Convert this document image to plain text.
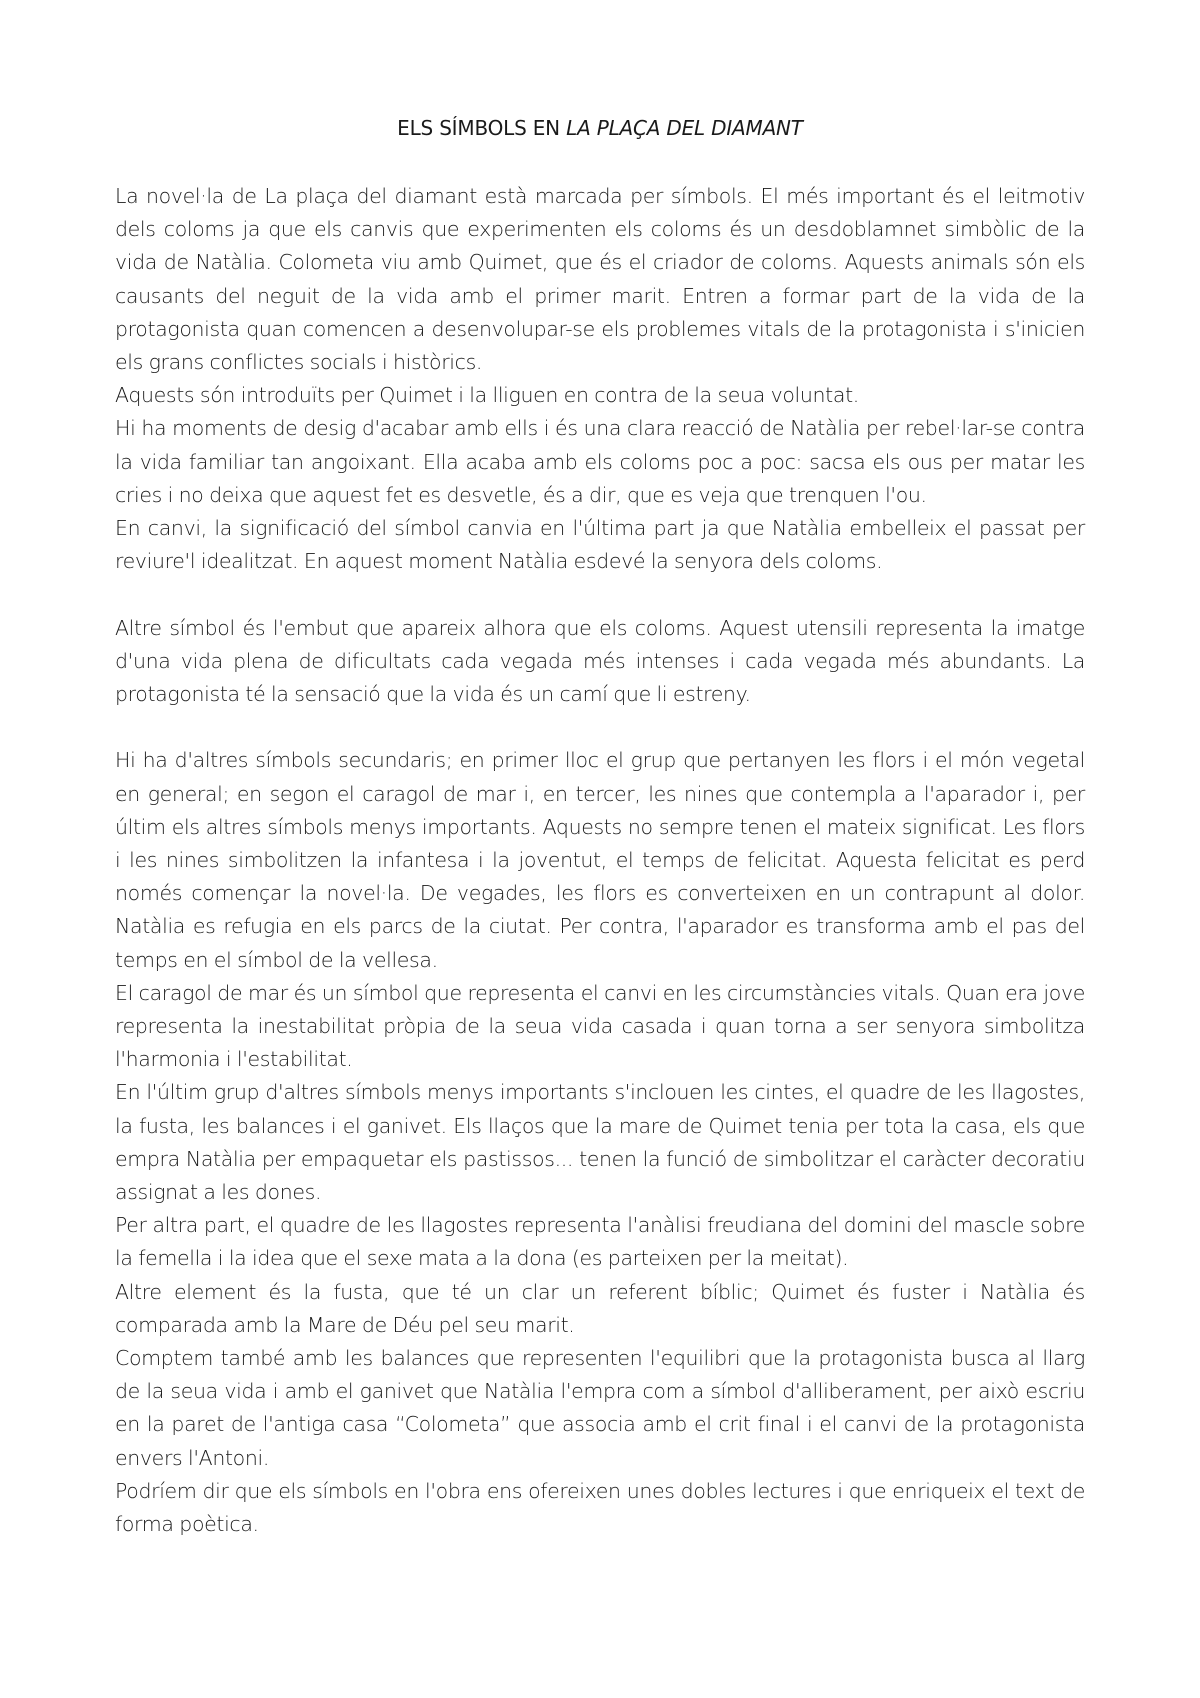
ELS SÍMBOLS EN LA PLAÇA DEL DIAMANT

La novel·la de La plaça del diamant està marcada per símbols. El més important és el leitmotiv dels coloms ja que els canvis que experimenten els coloms és un desdoblamnet simbòlic de la vida de Natàlia. Colometa viu amb Quimet, que és el criador de coloms. Aquests animals són els causants del neguit de la vida amb el primer marit. Entren a formar part de la vida de la protagonista quan comencen a desenvolupar-se els problemes vitals de la protagonista i s'inicien els grans conflictes socials i històrics.

Aquests són introduïts per Quimet i la lliguen en contra de la seua voluntat.

Hi ha moments de desig d'acabar amb ells i és una clara reacció de Natàlia per rebel·lar-se contra la vida familiar tan angoixant. Ella acaba amb els coloms poc a poc: sacsa els ous per matar les cries i no deixa que aquest fet es desvetle, és a dir, que es veja que trenquen l'ou.

En canvi, la significació del símbol canvia en l'última part ja que Natàlia embelleix el passat per reviure'l idealitzat. En aquest moment Natàlia esdevé la senyora dels coloms.

Altre símbol és l'embut que apareix alhora que els coloms. Aquest utensili representa la imatge d'una vida plena de dificultats cada vegada més intenses i cada vegada més abundants. La protagonista té la sensació que la vida és un camí que li estreny.

Hi ha d'altres símbols secundaris; en primer lloc el grup que pertanyen les flors i el món vegetal en general; en segon el caragol de mar i, en tercer, les nines que contempla a l'aparador i, per últim els altres símbols menys importants. Aquests no sempre tenen el mateix significat. Les flors i les nines simbolitzen la infantesa i la joventut, el temps de felicitat. Aquesta felicitat es perd només començar la novel·la. De vegades, les flors es converteixen en un contrapunt al dolor. Natàlia es refugia en els parcs de la ciutat. Per contra, l'aparador es transforma amb el pas del temps en el símbol de la vellesa.

El caragol de mar és un símbol que representa el canvi en les circumstàncies vitals. Quan era jove representa la inestabilitat pròpia de la seua vida casada i quan torna a ser senyora simbolitza l'harmonia i l'estabilitat.

En l'últim grup d'altres símbols menys importants s'inclouen les cintes, el quadre de les llagostes, la fusta, les balances i el ganivet. Els llaços que la mare de Quimet tenia per tota la casa, els que empra Natàlia per empaquetar els pastissos... tenen la funció de simbolitzar el caràcter decoratiu assignat a les dones.

Per altra part, el quadre de les llagostes representa l'anàlisi freudiana del domini del mascle sobre la femella i la idea que el sexe mata a la dona (es parteixen per la meitat).

Altre element és la fusta, que té un clar un referent bíblic; Quimet és fuster i Natàlia és comparada amb la Mare de Déu pel seu marit.

Comptem també amb les balances que representen l'equilibri que la protagonista busca al llarg de la seua vida i amb el ganivet que Natàlia l'empra com a símbol d'alliberament, per això escriu en la paret de l'antiga casa “Colometa” que associa amb el crit final i el canvi de la protagonista envers l'Antoni.

Podríem dir que els símbols en l'obra ens ofereixen unes dobles lectures i que enriqueix el text de forma poètica.
